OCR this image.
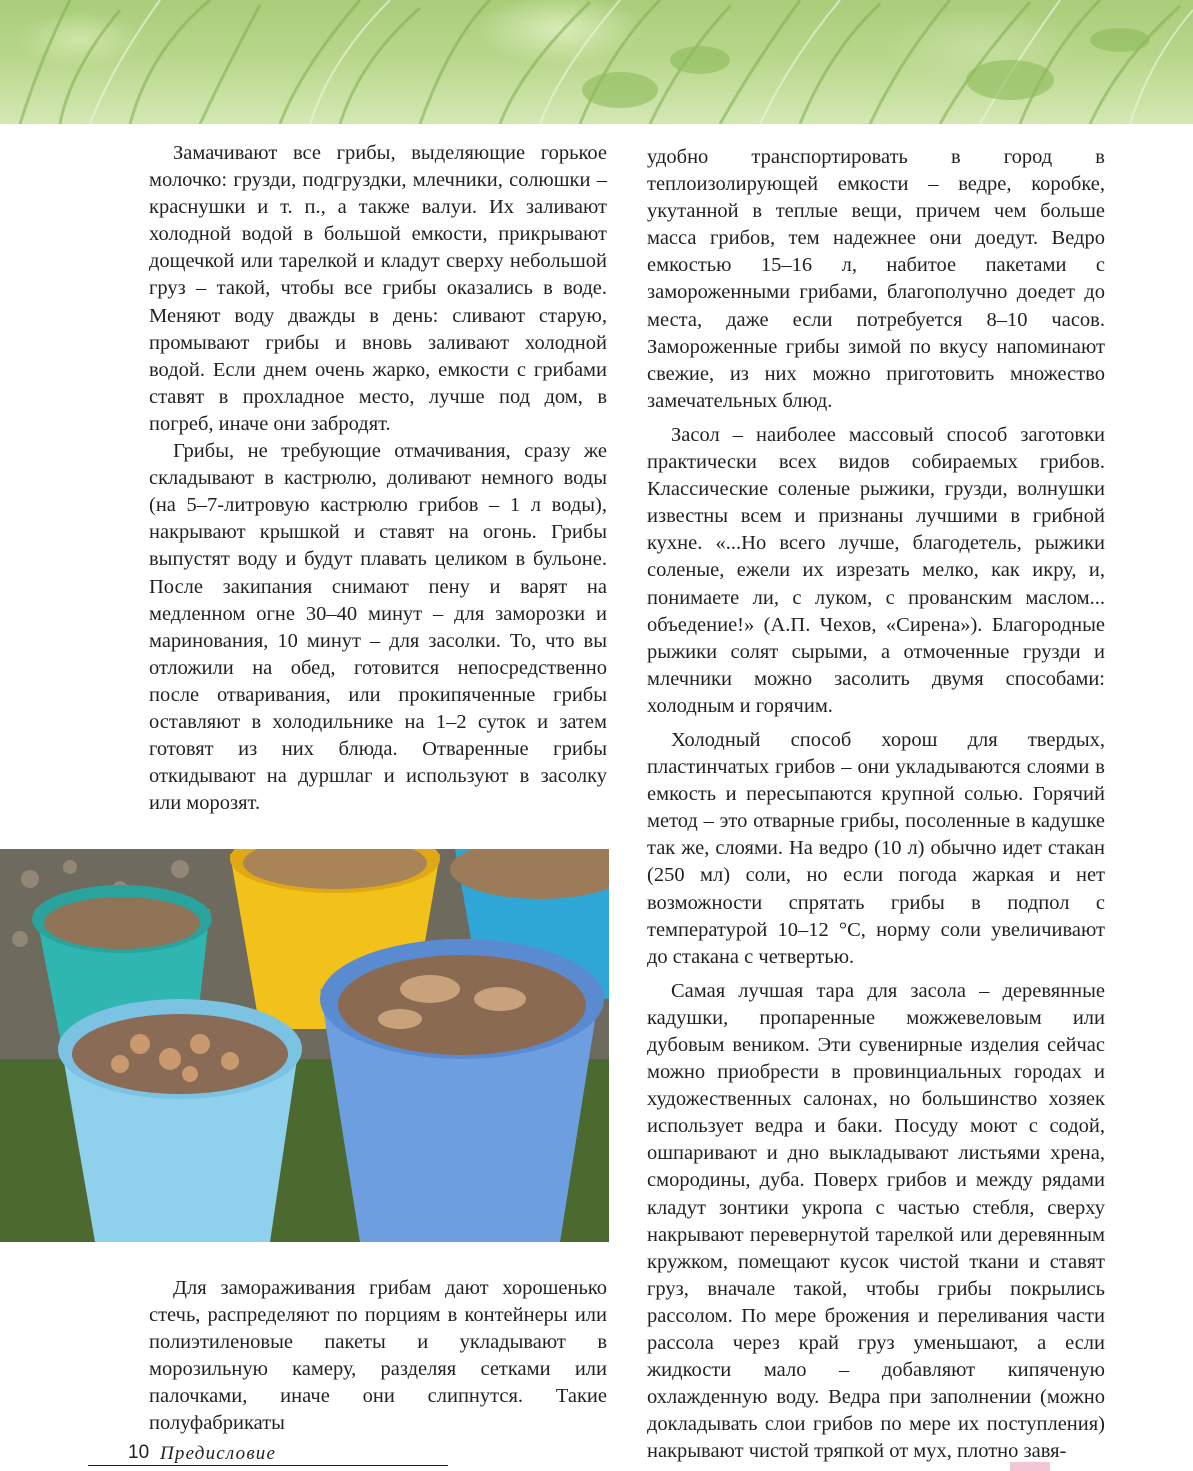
Замачивают все грибы, выделяющие горькое молочко: грузди, подгруздки, млечники, солюшки – краснушки и т. п., а также валуи. Их заливают холодной водой в большой емкости, прикрывают дощечкой или тарелкой и кладут сверху небольшой груз – такой, чтобы все грибы оказались в воде. Меняют воду дважды в день: сливают старую, промывают грибы и вновь заливают холодной водой. Если днем очень жарко, емкости с грибами ставят в прохладное место, лучше под дом, в погреб, иначе они забродят.

Грибы, не требующие отмачивания, сразу же складывают в кастрюлю, доливают немного воды (на 5–7-литровую кастрюлю грибов – 1 л воды), накрывают крышкой и ставят на огонь. Грибы выпустят воду и будут плавать целиком в бульоне. После закипания снимают пену и варят на медленном огне 30–40 минут – для заморозки и маринования, 10 минут – для засолки. То, что вы отложили на обед, готовится непосредственно после отваривания, или прокипяченные грибы оставляют в холодильнике на 1–2 суток и затем готовят из них блюда. Отваренные грибы откидывают на дуршлаг и используют в засолку или морозят.

Для замораживания грибам дают хорошенько стечь, распределяют по порциям в контейнеры или полиэтиленовые пакеты и укладывают в морозильную камеру, разделяя сетками или палочками, иначе они слипнутся. Такие полуфабрикаты

удобно транспортировать в город в теплоизолирующей емкости – ведре, коробке, укутанной в теплые вещи, причем чем больше масса грибов, тем надежнее они доедут. Ведро емкостью 15–16 л, набитое пакетами с замороженными грибами, благополучно доедет до места, даже если потребуется 8–10 часов. Замороженные грибы зимой по вкусу напоминают свежие, из них можно приготовить множество замечательных блюд.

Засол – наиболее массовый способ заготовки практически всех видов собираемых грибов. Классические соленые рыжики, грузди, волнушки известны всем и признаны лучшими в грибной кухне. «...Но всего лучше, благодетель, рыжики соленые, ежели их изрезать мелко, как икру, и, понимаете ли, с луком, с прованским маслом... объедение!» (А.П. Чехов, «Сирена»). Благородные рыжики солят сырыми, а отмоченные грузди и млечники можно засолить двумя способами: холодным и горячим.

Холодный способ хорош для твердых, пластинчатых грибов – они укладываются слоями в емкость и пересыпаются крупной солью. Горячий метод – это отварные грибы, посоленные в кадушке так же, слоями. На ведро (10 л) обычно идет стакан (250 мл) соли, но если погода жаркая и нет возможности спрятать грибы в подпол с температурой 10–12 °С, норму соли увеличивают до стакана с четвертью.

Самая лучшая тара для засола – деревянные кадушки, пропаренные можжевеловым или дубовым веником. Эти сувенирные изделия сейчас можно приобрести в провинциальных городах и художественных салонах, но большинство хозяек использует ведра и баки. Посуду моют с содой, ошпаривают и дно выкладывают листьями хрена, смородины, дуба. Поверх грибов и между рядами кладут зонтики укропа с частью стебля, сверху накрывают перевернутой тарелкой или деревянным кружком, помещают кусок чистой ткани и ставят груз, вначале такой, чтобы грибы покрылись рассолом. По мере брожения и переливания части рассола через край груз уменьшают, а если жидкости мало – добавляют кипяченую охлажденную воду. Ведра при заполнении (можно докладывать слои грибов по мере их поступления) накрывают чистой тряпкой от мух, плотно завя-

10 Предисловие
